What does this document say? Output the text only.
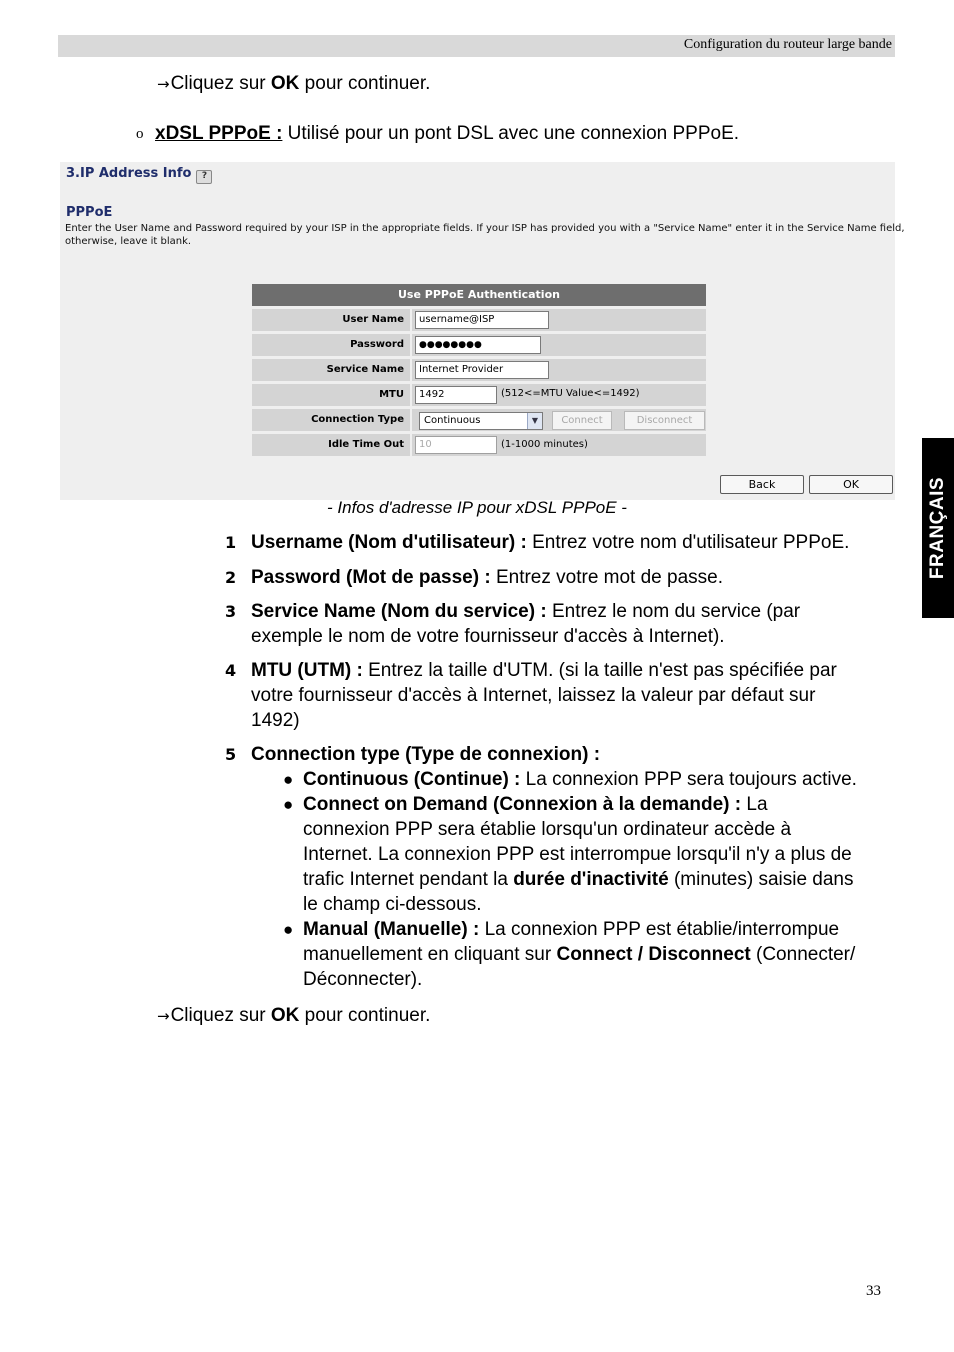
Configuration du routeur large bande
FRANÇAIS
→Cliquez sur OK pour continuer.
o xDSL PPPoE : Utilisé pour un pont DSL avec une connexion PPPoE.
3.IP Address Info ?
PPPoE
Enter the User Name and Password required by your ISP in the appropriate fields. If your ISP has provided you with a "Service Name" enter it in the Service Name field,
otherwise, leave it blank.
Use PPPoE Authentication
User Name	username@ISP
Password	●●●●●●●●
Service Name	Internet Provider
MTU	1492	(512<=MTU Value<=1492)
Connection Type	Continuous	▼	Connect	Disconnect
Idle Time Out	10	(1-1000 minutes)
Back	OK
- Infos d'adresse IP pour xDSL PPPoE -
1 Username (Nom d'utilisateur) : Entrez votre nom d'utilisateur PPPoE.
2 Password (Mot de passe) : Entrez votre mot de passe.
3 Service Name (Nom du service) : Entrez le nom du service (par
exemple le nom de votre fournisseur d'accès à Internet).
4 MTU (UTM) : Entrez la taille d'UTM. (si la taille n'est pas spécifiée par
votre fournisseur d'accès à Internet, laissez la valeur par défaut sur
1492)
5 Connection type (Type de connexion) :
● Continuous (Continue) : La connexion PPP sera toujours active.
● Connect on Demand (Connexion à la demande) : La
connexion PPP sera établie lorsqu'un ordinateur accède à
Internet. La connexion PPP est interrompue lorsqu'il n'y a plus de
trafic Internet pendant la durée d'inactivité (minutes) saisie dans
le champ ci-dessous.
● Manual (Manuelle) : La connexion PPP est établie/interrompue
manuellement en cliquant sur Connect / Disconnect (Connecter/
Déconnecter).
→Cliquez sur OK pour continuer.
33
